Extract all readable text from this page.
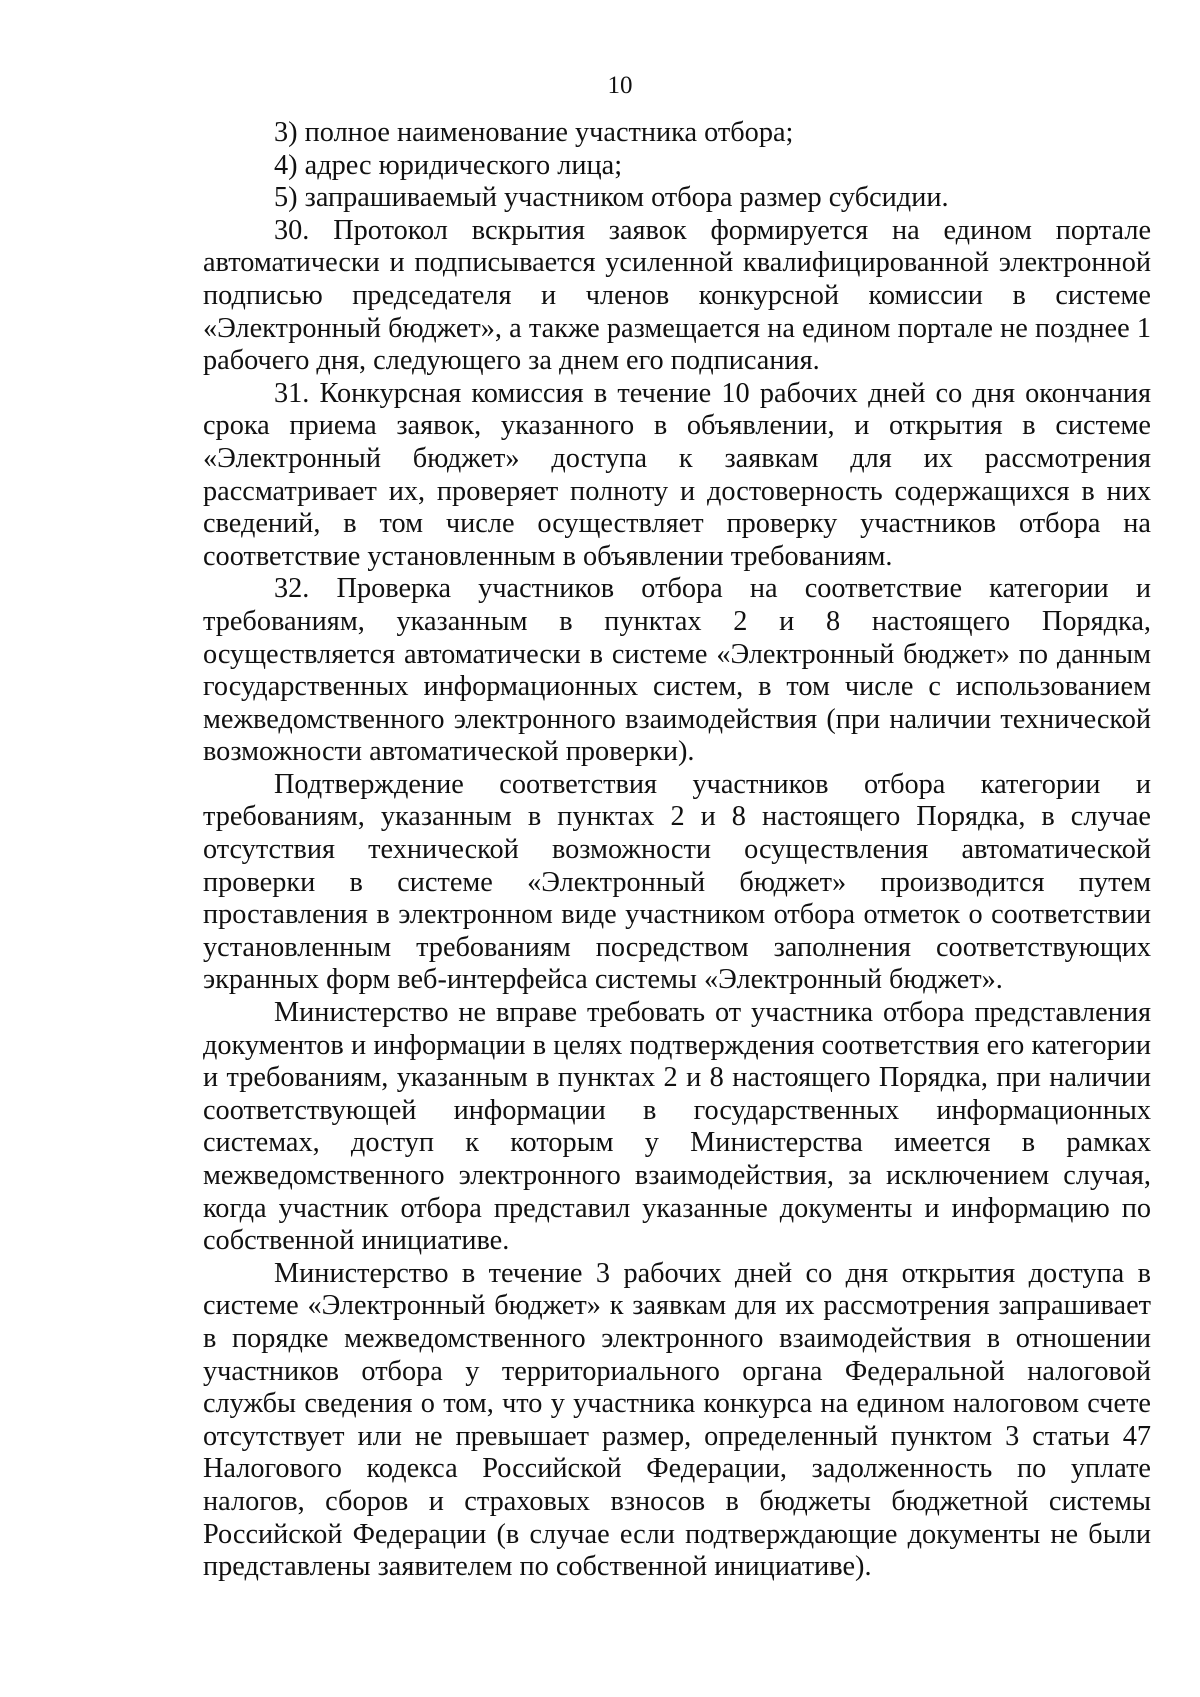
10

3) полное наименование участника отбора;

4) адрес юридического лица;

5) запрашиваемый участником отбора размер субсидии.

30. Протокол вскрытия заявок формируется на едином портале автоматически и подписывается усиленной квалифицированной электронной подписью председателя и членов конкурсной комиссии в системе «Электронный бюджет», а также размещается на едином портале не позднее 1 рабочего дня, следующего за днем его подписания.

31. Конкурсная комиссия в течение 10 рабочих дней со дня окончания срока приема заявок, указанного в объявлении, и открытия в системе «Электронный бюджет» доступа к заявкам для их рассмотрения рассматривает их, проверяет полноту и достоверность содержащихся в них сведений, в том числе осуществляет проверку участников отбора на соответствие установленным в объявлении требованиям.

32. Проверка участников отбора на соответствие категории и требованиям, указанным в пунктах 2 и 8 настоящего Порядка, осуществляется автоматически в системе «Электронный бюджет» по данным государственных информационных систем, в том числе с использованием межведомственного электронного взаимодействия (при наличии технической возможности автоматической проверки).

Подтверждение соответствия участников отбора категории и требованиям, указанным в пунктах 2 и 8 настоящего Порядка, в случае отсутствия технической возможности осуществления автоматической проверки в системе «Электронный бюджет» производится путем проставления в электронном виде участником отбора отметок о соответствии установленным требованиям посредством заполнения соответствующих экранных форм веб-интерфейса системы «Электронный бюджет».

Министерство не вправе требовать от участника отбора представления документов и информации в целях подтверждения соответствия его категории и требованиям, указанным в пунктах 2 и 8 настоящего Порядка, при наличии соответствующей информации в государственных информационных системах, доступ к которым у Министерства имеется в рамках межведомственного электронного взаимодействия, за исключением случая, когда участник отбора представил указанные документы и информацию по собственной инициативе.

Министерство в течение 3 рабочих дней со дня открытия доступа в системе «Электронный бюджет» к заявкам для их рассмотрения запрашивает в порядке межведомственного электронного взаимодействия в отношении участников отбора у территориального органа Федеральной налоговой службы сведения о том, что у участника конкурса на едином налоговом счете отсутствует или не превышает размер, определенный пунктом 3 статьи 47 Налогового кодекса Российской Федерации, задолженность по уплате налогов, сборов и страховых взносов в бюджеты бюджетной системы Российской Федерации (в случае если подтверждающие документы не были представлены заявителем по собственной инициативе).
